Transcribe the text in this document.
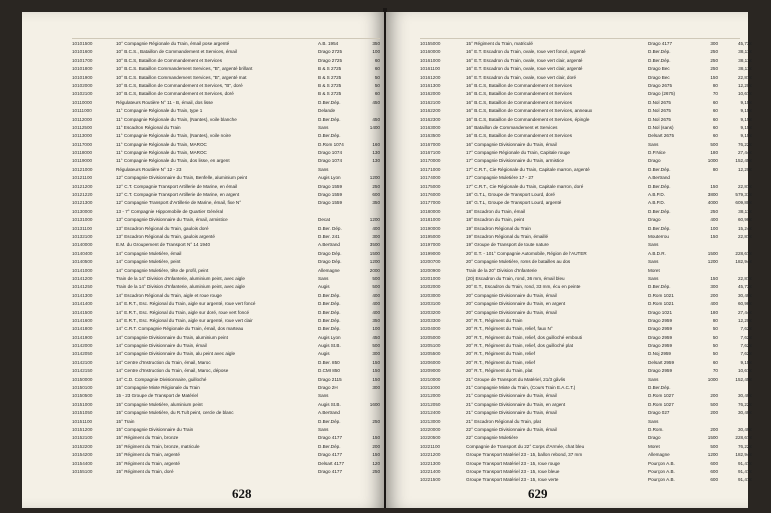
10101500	10° Compagnie Régionale du Train, émail pose argenté	A.B. 1954	350
10101600	10° B.C.S., Bataillon de Commandement et Services, émail	Drago 2725	100
10101700	10° B.C.S, Bataillon de Commandement et Services	Drago 2725	60
10101800	10° B.C.S. Bataillon Commandement Services, "B", argenté brillant	B & S 2725	60
10101900	10° B.C.S. Bataillon Commandement Services, "B", argenté mat	B & S 2725	50
10102000	10° B.C.S, Bataillon de Commandement et Services, "B", doré	B & S 2725	50
10102100	10° B.C.S, Bataillon de Commandement et Services, doré	B & S 2725	60
10110000	Régulateurs Routière N° 11 - B, émail, dos lisse	D.Ber.Dép.	450
10111000	11° Compagnie Régionale du Train, type 1	Delande
10112000	11° Compagnie Régionale du Train, (Nantes), voile blanche	D.Ber.Dép.	450
10112500	11° Escadron Régional du Train	Sans	1400
10113000	11° Compagnie Régionale du Train, (Nantes), voile noire	D.Ber.Dép.
10117000	11° Compagnie Régionale du Train, MAROC	D.Rom 1074	160
10118000	11° Compagnie Régionale du Train, MAROC	Drago 1074	130
10119000	11° Compagnie Régionale du Train, dos lisse, en argent	Drago 1074	130
10121000	Régulateurs Routière N° 12 - 23	Sans
10121100	12° Compagnie Divisionnaire du Train, Benfelle, aluminium peint	Augis Lyon	1200
10121200	12° C.T. Compagnie Transport Artillerie de Marine, en émail	Drago 1559	250
10121220	12° C.T. Compagnie Transport Artillerie de Marine, en argent	Drago 1559	600
10121300	12° Compagnie Transport d'Artillerie de Marine, émail, fixe N°	Drago 1559	350
10130000	13 - 7° Compagnie Hippomobile de Quartier Général
10131000	13° Compagnie Divisionnaire du Train, émail, armistice	Decat	1200
10131100	13° Escadron Régional du Train, gaulois doré	D.Ber. Dép.	400
10132100	13° Escadron Régional du Train, gaulois argenté	D.Ber. 241	300
10140000	E.M. du Groupement de Transport N° 14 1940	A.Bertrand	3500
10140400	14° Compagnie Muletière, émail	Drago Dép.	1500
10140500	14° Compagnie Muletière, peint	Drago Dép.	1200
10141000	14° Compagnie Muletière, tête de profil, peint	Allemagne	2000
10141200	Train de la 14° Division d'Infanterie, aluminium peint, avec aigle	Sans	500
10141250	Train de la 14° Division d'Infanterie, aluminium peint, avec aigle	Augis	500
10141300	14° Escadron Régional du Train, aigle et roue rouge	D.Ber.Dép.	400
10141400	14° E.R.T., Esc. Régional du Train, aigle sur argenté, roue vert foncé	D.Ber.Dép.	400
10141500	14° E.R.T., Esc. Régional du Train, aigle sur doré, roue vert foncé	D.Ber.Dép.	400
10141600	14° E.R.T., Esc. Régional du Train, aigle sur argenté, roue vert clair	D.Ber.Dép.	350
10141800	14° C.R.T. Compagnie Régionale du Train, émail, dos marteau	D.Ber.Dép.	100
10141900	14° Compagnie Divisionnaire du Train, aluminium peint	Augis Lyon	450
10142000	14° Compagnie Divisionnaire du Train, émail	Augis St.B.	500
10142050	14° Compagnie Divisionnaire du Train, alu peint avec aigle	Augis	300
10142100	14° Centre d'Instruction du Train, émail, Maroc	D.Ber. 850	150
10142150	14° Centre d'Instruction du Train, émail, Maroc, dépose	D.CMI 850	150
10150000	14° C.D. Compagnie Divisionnaire, guilloché	Drago 2115	150
10150100	15° Compagnie Mixte Régionale du Train	Drago 2H	300
10150500	15 - 23 Groupe de Transport de Matériel	Sans
10151000	15° Compagnie Muletière, aluminium peint	Augis St.B.	1600
10151050	15° Compagnie Muletière, du R.Tult peint, cercle de blanc	A.Bertrand
10151100	15° Train	D.Ber.Dép.	250
10151200	15° Compagnie Divisionnaire du Train	Sans
10152100	15° Régiment du Train, bronze	Drago 4177	150
10152200	15° Régiment du Train, bronze, matricule	D.Ber.Dép.	200
10154200	15° Régiment du Train, argenté	Drago 4177	150
10154400	15° Régiment du Train, argenté	Delsart 4177	120
10155100	15° Régiment du Train, doré	Drago 4177	250
628
10155000	15° Régiment du Train, matriculé	Drago 4177	300	45,73€
10160000	16° E.T. Escadron du Train, ovale, roue vert foncé, argenté	D.Ber.Dép.	250	38,11€
10161000	16° E.T. Escadron du Train, ovale, roue vert clair, argenté	D.Ber.Dép.	250	38,11€
10161100	16° E.T. Escadron du Train, ovale, roue vert clair, argenté	Drago Bec	250	38,11€
10161200	16° E.T. Escadron du Train, ovale, roue vert clair, doré	Drago Bec	150	22,87€
10161300	16° B.C.S, Bataillon de Commandement et Services	Drago 2675	80	12,20€
10162000	16° B.C.S, Bataillon de Commandement et Services	Drago (2675)	70	10,67€
10162100	16° B.C.S, Bataillon de Commandement et Services	D.Nol 2675	60	9,15€
10162200	16° B.C.S, Bataillon de Commandement et Services, anneaux	D.Nol 2675	60	9,15€
10162300	16° B.C.S, Bataillon de Commandement et Services, épingle	D.Nol 2675	60	9,15€
10163000	16° Bataillon de Commandement et Services	D.Nol (sans)	60	9,15€
10163500	16° B.C.S, Bataillon de Commandement et Services	Delsart 2675	60	9,15€
10167000	16° Compagnie Divisionnaire du Train, émail	Sans	500	76,22€
10167100	17° Compagnie Régionale du Train, Capitale rouge	D.P.Nice	180	27,44€
10170000	17° Compagnie Divisionnaire du Train, armistice	Drago	1000	152,45€
10171000	17° C.R.T., Cie Régionale du Train, Capitale marron, argenté	D.Ber.Dép.	80	12,20€
10174000	17° Compagnie Muletière 17 - 27	A.Bertrand
10175000	17° C.R.T., Cie Régionale du Train, Capitale marron, doré	D.Ber.Dép.	150	22,87€
10176000	18° G.T.L, Groupe de Transport Lourd, doré	A.B.P.D.	3800	579,31€
10177000	18° G.T.L, Groupe de Transport Lourd, argenté	A.B.P.D.	4000	609,80€
10180000	18° Escadron du Train, émail	D.Ber.Dép.	250	38,11€
10181000	18° Escadron du Train, peint	Drago	400	60,98€
10190000	19° Escadron Régional du Train	D.Ber.Dép.	100	15,24€
10195000	19° Escadron Régional du Train, émaillé	Mouterrou	150	22,87€
10197000	19° Groupe de Transport de toute nature	Sans
10199000	20° E.T. - 101° Compagnie Automobile, Région de l'AUTER	A.B.D.R.	1500	228,67€
10200700	20° Compagnie Muletière, roms de batailles au dos	Sans	1200	182,94€
10200900	Train de la 20° Division d'Infanterie	Moret
10201000	(20) Escadron du Train, rond, 36 mm, émail bleu	Sans	150	22,87€
10202000	20° E.T., Escadron du Train, rond, 33 mm, écu en peinte	D.Ber.Dép.	300	45,73€
10203000	20° Compagnie Divisionnaire du Train, émail	D.Rom 1021	200	30,49€
10203100	20° Compagnie Divisionnaire du Train, en argent	D.Rom 1021	400	60,98€
10203200	20° Compagnie Divisionnaire du Train, émail	Drago 1021	180	27,44€
10203300	20° R.T., Régiment du Train	Drago 2959	80	12,20€
10204000	20° R.T., Régiment du Train, relief, faux N°	Drago 2959	50	7,62€
10205000	20° R.T., Régiment du Train, relief, dos guilloché embouti	Drago 2959	50	7,62€
10205100	20° R.T., Régiment du Train, relief, dos guilloché plat	Drago 2959	50	7,62€
10205500	20° R.T., Régiment du Train, relief	D.Noj 2959	50	7,62€
10206000	20° R.T., Régiment du Train, relief	Delsart 2959	60	9,15€
10209000	20° R.T., Régiment du Train, plat	Drago 2959	70	10,67€
10210000	21° Groupe de Transport du Matériel, 21/3 gâvlis	Sans	1000	152,45€
10211000	21° Compagnie Mixte du Train, (Cours Train E.A.C.T.)	D.Ber.Dép.
10212000	21° Compagnie Divisionnaire du Train, émail	D.Rom 1027	200	30,49€
10212050	21° Compagnie Divisionnaire du Train, en argent	D.Rom 1027	500	76,22€
10212400	21° Compagnie Divisionnaire du Train, émail	Drago 027	200	30,49€
10213000	21° Escadron Régional du Train, plat	Sans
10220000	22° Compagnie Divisionnaire du Train, émail	D.Rom.	200	30,49€
10220500	22° Compagnie Muletière	Drago	1500	228,67€
10221100	Compagnie de Transport du 22° Corps d'Armée, chat bleu	Moret	500	76,22€
10221200	Groupe Transport Matériel 23 - 15, ballon rebond, 37 mm	Allemagne	1200	182,94€
10221300	Groupe Transport Matériel 23 - 15, roue rouge	Pourçon A.B.	600	91,47€
10221400	Groupe Transport Matériel 23 - 15, roue bleue	Pourçon A.B.	600	91,47€
10221500	Groupe Transport Matériel 23 - 15, roue verte	Pourçon A.B.	600	91,47€
629
